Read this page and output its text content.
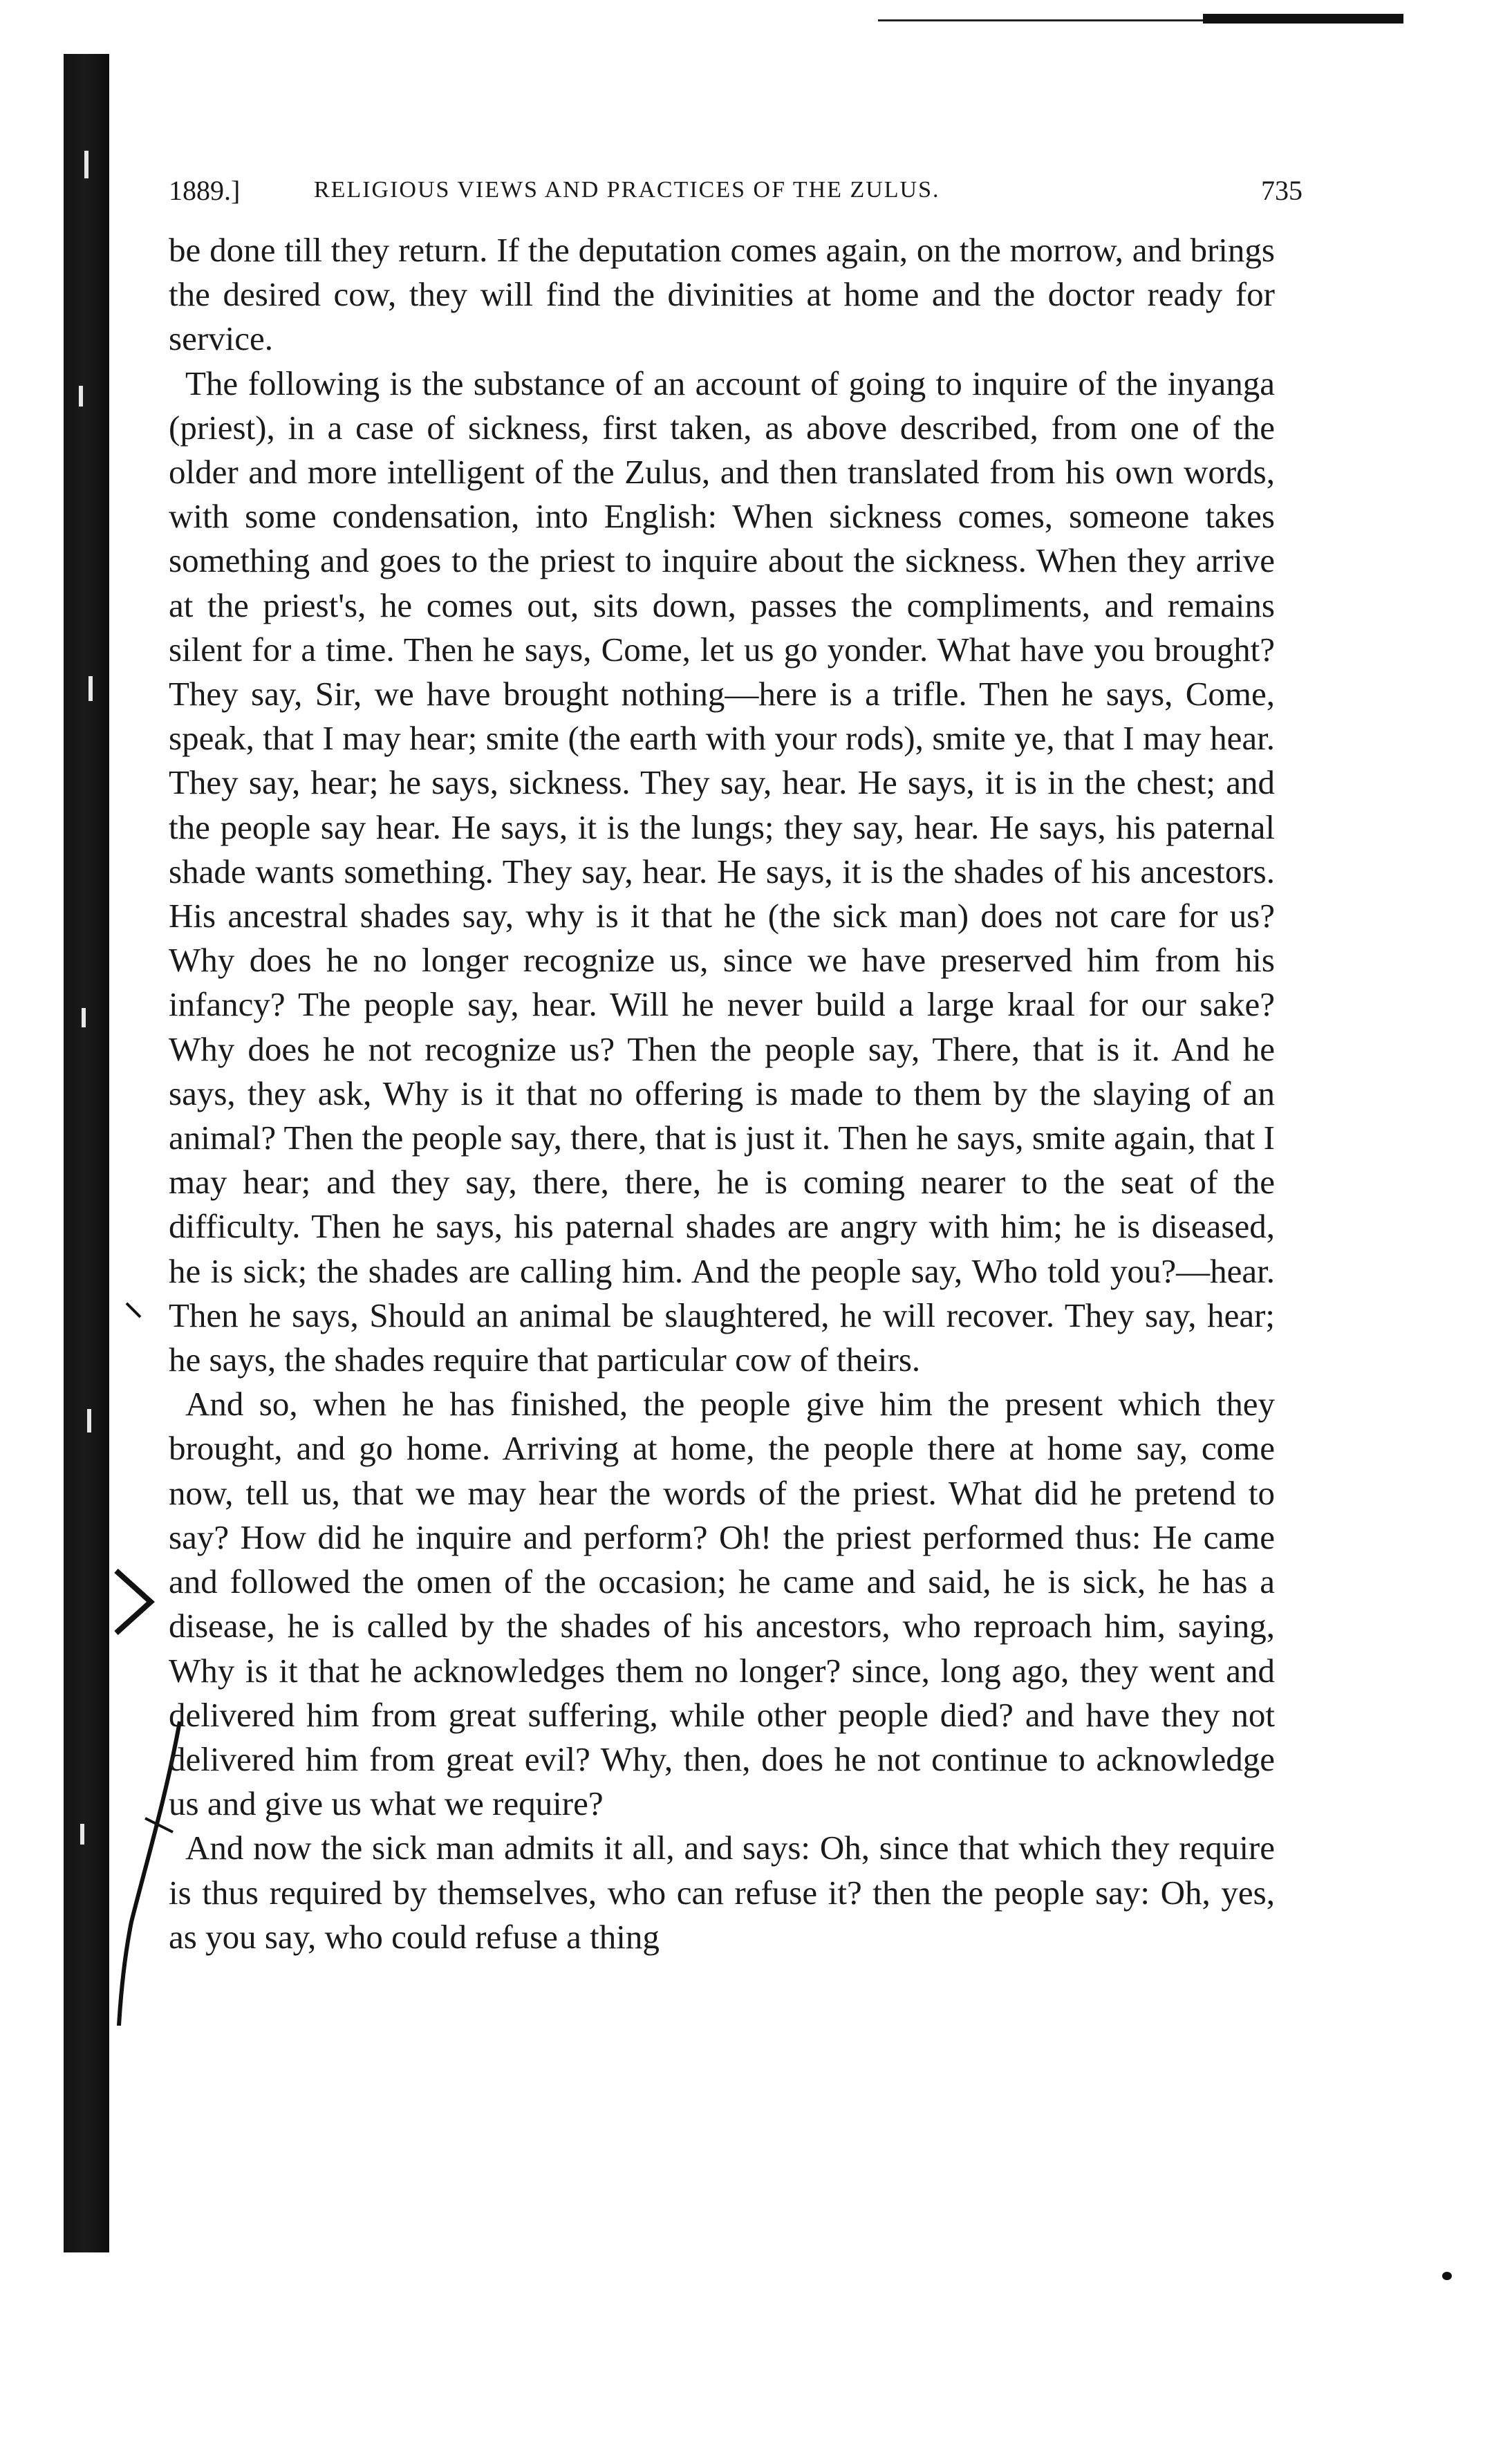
1889.]	RELIGIOUS VIEWS AND PRACTICES OF THE ZULUS.	735

be done till they return. If the deputation comes again, on the morrow, and brings the desired cow, they will find the divinities at home and the doctor ready for service.

The following is the substance of an account of going to inquire of the inyanga (priest), in a case of sickness, first taken, as above described, from one of the older and more intelligent of the Zulus, and then translated from his own words, with some condensation, into English: When sickness comes, someone takes something and goes to the priest to inquire about the sickness. When they arrive at the priest's, he comes out, sits down, passes the compliments, and remains silent for a time. Then he says, Come, let us go yonder. What have you brought? They say, Sir, we have brought nothing—here is a trifle. Then he says, Come, speak, that I may hear; smite (the earth with your rods), smite ye, that I may hear. They say, hear; he says, sickness. They say, hear. He says, it is in the chest; and the people say hear. He says, it is the lungs; they say, hear. He says, his paternal shade wants something. They say, hear. He says, it is the shades of his ancestors. His ancestral shades say, why is it that he (the sick man) does not care for us? Why does he no longer recognize us, since we have preserved him from his infancy? The people say, hear. Will he never build a large kraal for our sake? Why does he not recognize us? Then the people say, There, that is it. And he says, they ask, Why is it that no offering is made to them by the slaying of an animal? Then the people say, there, that is just it. Then he says, smite again, that I may hear; and they say, there, there, he is coming nearer to the seat of the difficulty. Then he says, his paternal shades are angry with him; he is diseased, he is sick; the shades are calling him. And the people say, Who told you?—hear. Then he says, Should an animal be slaughtered, he will recover. They say, hear; he says, the shades require that particular cow of theirs.

And so, when he has finished, the people give him the present which they brought, and go home. Arriving at home, the people there at home say, come now, tell us, that we may hear the words of the priest. What did he pretend to say? How did he inquire and perform? Oh! the priest performed thus: He came and followed the omen of the occasion; he came and said, he is sick, he has a disease, he is called by the shades of his ancestors, who reproach him, saying, Why is it that he acknowledges them no longer? since, long ago, they went and delivered him from great suffering, while other people died? and have they not delivered him from great evil? Why, then, does he not continue to acknowledge us and give us what we require?

And now the sick man admits it all, and says: Oh, since that which they require is thus required by themselves, who can refuse it? then the people say: Oh, yes, as you say, who could refuse a thing
